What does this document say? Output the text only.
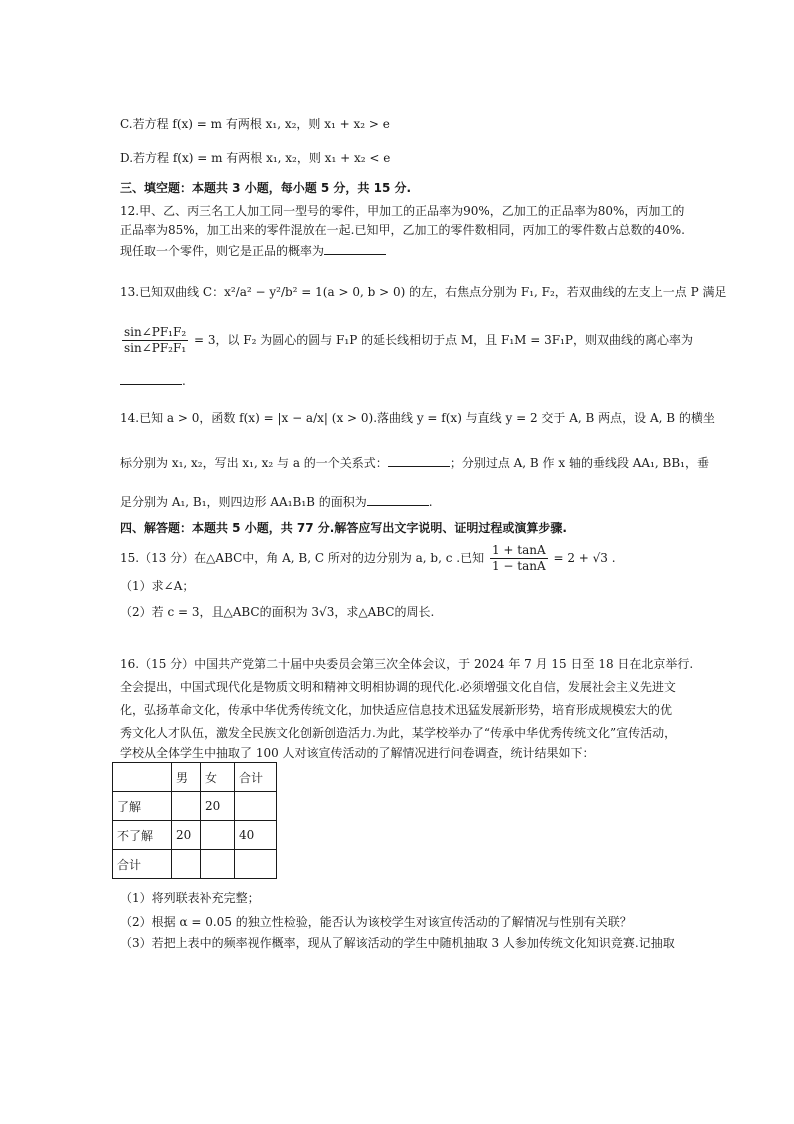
C.若方程 f(x) = m 有两根 x₁, x₂，则 x₁ + x₂ > e
D.若方程 f(x) = m 有两根 x₁, x₂，则 x₁ + x₂ < e
三、填空题：本题共 3 小题，每小题 5 分，共 15 分.
12.甲、乙、丙三名工人加工同一型号的零件，甲加工的正品率为90%，乙加工的正品率为80%，丙加工的
正品率为85%，加工出来的零件混放在一起.已知甲，乙加工的零件数相同，丙加工的零件数占总数的40%.
现任取一个零件，则它是正品的概率为
13.已知双曲线 C：x²/a² − y²/b² = 1(a > 0, b > 0) 的左，右焦点分别为 F₁, F₂，若双曲线的左支上一点 P 满足
$\frac{\text{sin∠PF₁F₂}}{\text{sin∠PF₂F₁}} = 3$，以 F₂ 为圆心的圆与 F₁P 的延长线相切于点 M，且 F₁M = 3F₁P，则双曲线的离心率为
.
14.已知 a > 0，函数 f(x) = |x − a/x| (x > 0).落曲线 y = f(x) 与直线 y = 2 交于 A, B 两点，设 A, B 的横坐
标分别为 x₁, x₂，写出 x₁, x₂ 与 a 的一个关系式：	；分别过点 A, B 作 x 轴的垂线段 AA₁, BB₁，垂
足分别为 A₁, B₁，则四边形 AA₁B₁B 的面积为	.
四、解答题：本题共 5 小题，共 77 分.解答应写出文字说明、证明过程或演算步骤.
15.（13 分）在△ABC中，角 A, B, C 所对的边分别为 a, b, c .已知 $\frac{1 + \tan A}{1 - \tan A} = 2 + √3$ .
（1）求∠A；
（2）若 c = 3，且△ABC的面积为 3√3，求△ABC的周长.
16.（15 分）中国共产党第二十届中央委员会第三次全体会议，于 2024 年 7 月 15 日至 18 日在北京举行.
全会提出，中国式现代化是物质文明和精神文明相协调的现代化.必须增强文化自信，发展社会主义先进文
化，弘扬革命文化，传承中华优秀传统文化，加快适应信息技术迅猛发展新形势，培育形成规模宏大的优
秀文化人才队伍，激发全民族文化创新创造活力.为此，某学校举办了“传承中华优秀传统文化”宣传活动，
学校从全体学生中抽取了 100 人对该宣传活动的了解情况进行问卷调查，统计结果如下：
	男	女	合计
了解		20	
不了解	20		40
合计			
（1）将列联表补充完整；
（2）根据 α = 0.05 的独立性检验，能否认为该校学生对该宣传活动的了解情况与性别有关联？
（3）若把上表中的频率视作概率，现从了解该活动的学生中随机抽取 3 人参加传统文化知识竞赛.记抽取
